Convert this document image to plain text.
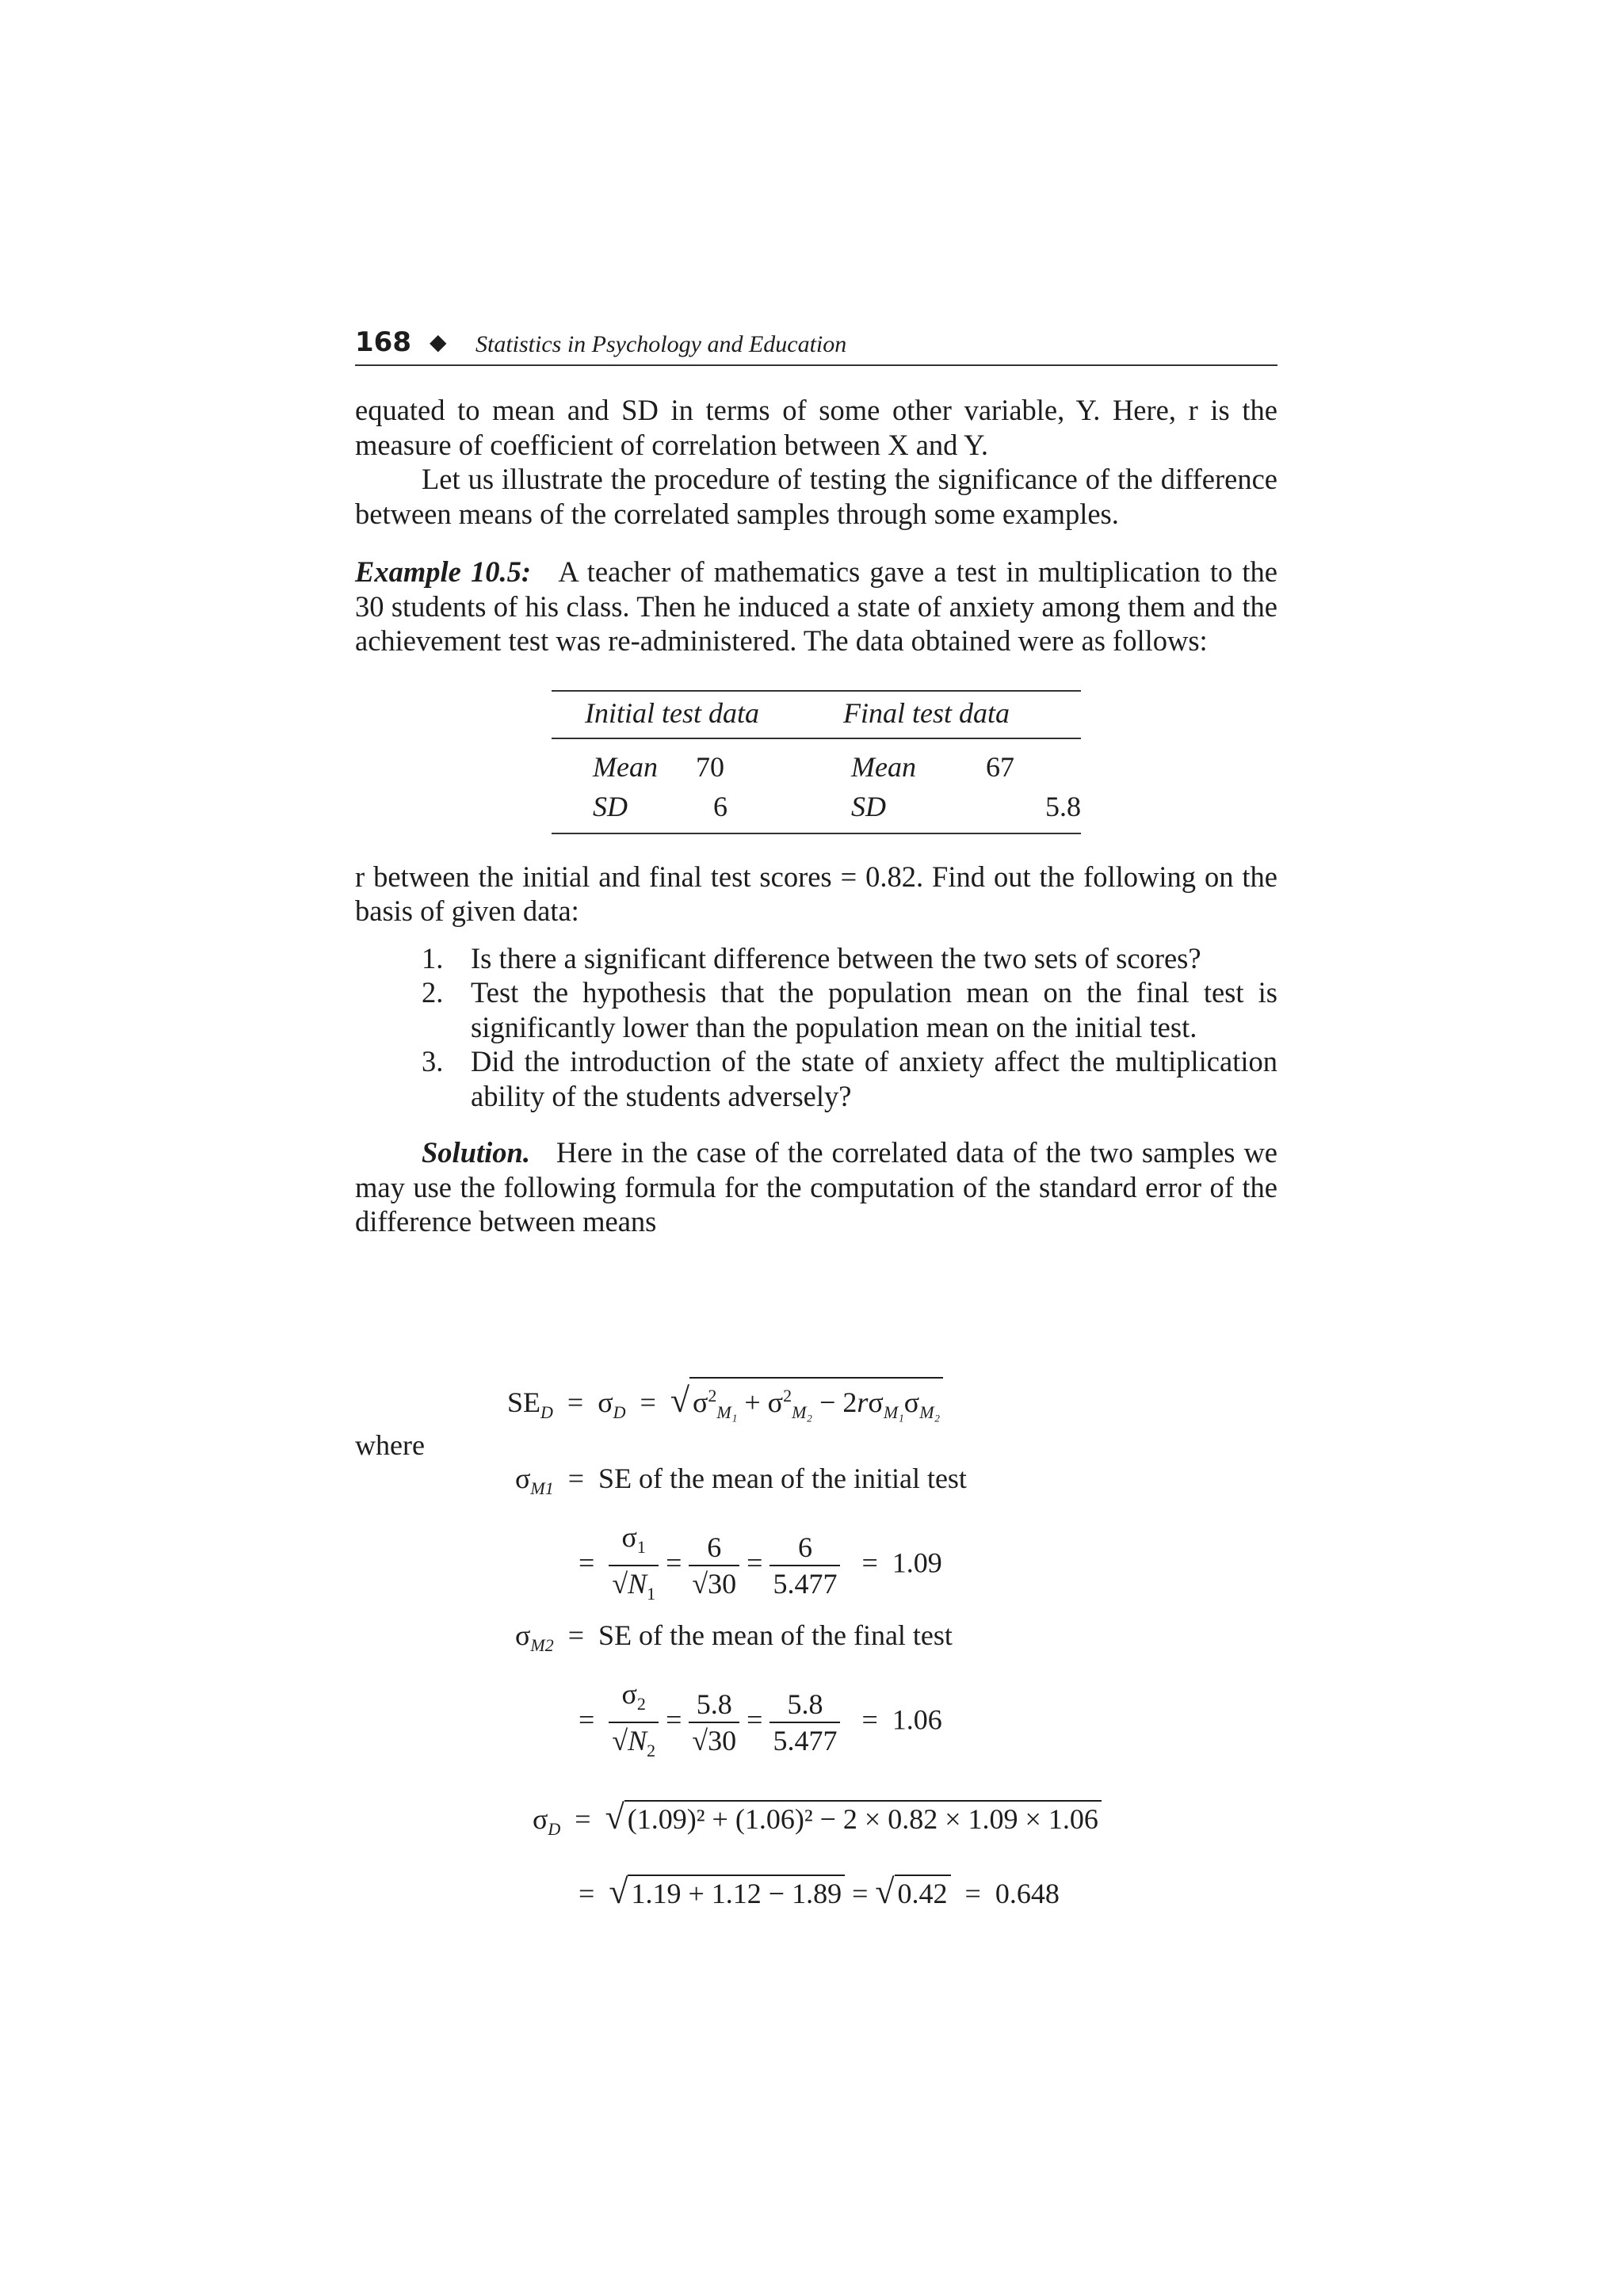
168 ◆ Statistics in Psychology and Education

equated to mean and SD in terms of some other variable, Y. Here, r is the measure of coefficient of correlation between X and Y.

Let us illustrate the procedure of testing the significance of the difference between means of the correlated samples through some examples.

Example 10.5: A teacher of mathematics gave a test in multiplication to the 30 students of his class. Then he induced a state of anxiety among them and the achievement test was re-administered. The data obtained were as follows:

Initial test data		Final test data	
Mean	70	Mean	67
SD	6	SD	5.8

r between the initial and final test scores = 0.82. Find out the following on the basis of given data:

1. Is there a significant difference between the two sets of scores?
2. Test the hypothesis that the population mean on the final test is significantly lower than the population mean on the initial test.
3. Did the introduction of the state of anxiety affect the multiplication ability of the students adversely?

Solution. Here in the case of the correlated data of the two samples we may use the following formula for the computation of the standard error of the difference between means

$SE_D = \sigma_D$  =  √ $\sigma^2_{M_1} + \sigma^2_{M_2} - 2r\sigma_{M_1}\sigma_{M_2}$
where
$\sigma_{M1}$  =  SE of the mean of the initial test
= $\frac{\sigma_1}{√N_1} = \frac{6}{√30} = \frac{6}{5.477} = 1.09$
$\sigma_{M2}$  =  SE of the mean of the final test
= $\frac{\sigma_2}{√N_2} = \frac{5.8}{√30} = \frac{5.8}{5.477} = 1.06$
$\sigma_D$  =  √ (1.09)² + (1.06)² − 2 × 0.82 × 1.09 × 1.06
=  √ 1.19 + 1.12 − 1.89 = √ 0.42  =  0.648
